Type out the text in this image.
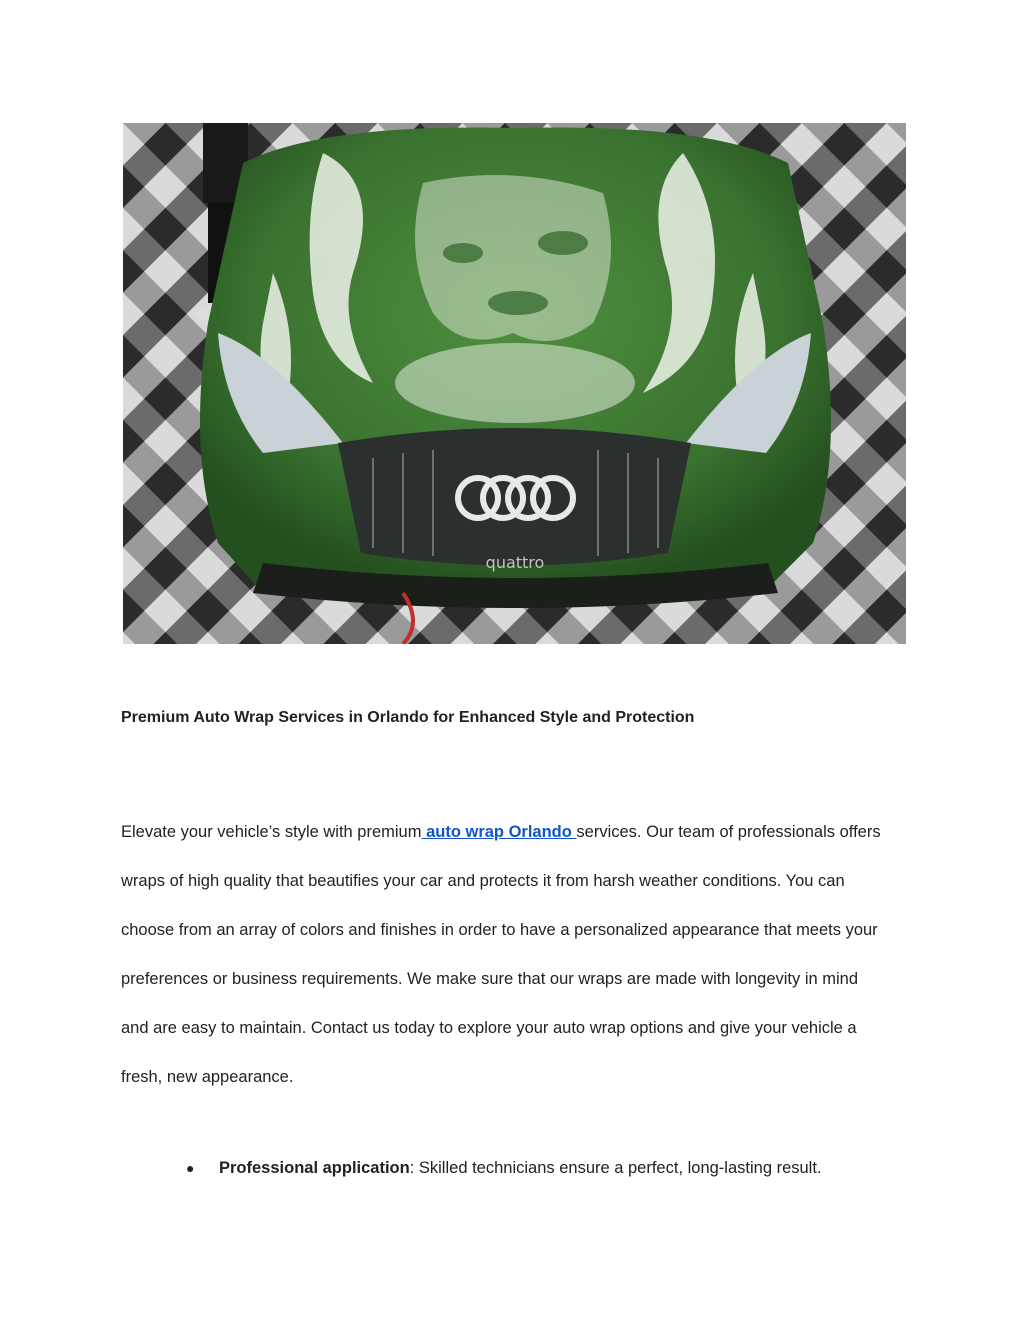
quattro
Premium Auto Wrap Services in Orlando for Enhanced Style and Protection
Elevate your vehicle’s style with premium auto wrap Orlando services. Our team of professionals offers
wraps of high quality that beautifies your car and protects it from harsh weather conditions. You can
choose from an array of colors and finishes in order to have a personalized appearance that meets your
preferences or business requirements. We make sure that our wraps are made with longevity in mind
and are easy to maintain. Contact us today to explore your auto wrap options and give your vehicle a
fresh, new appearance.
● Professional application: Skilled technicians ensure a perfect, long-lasting result.
